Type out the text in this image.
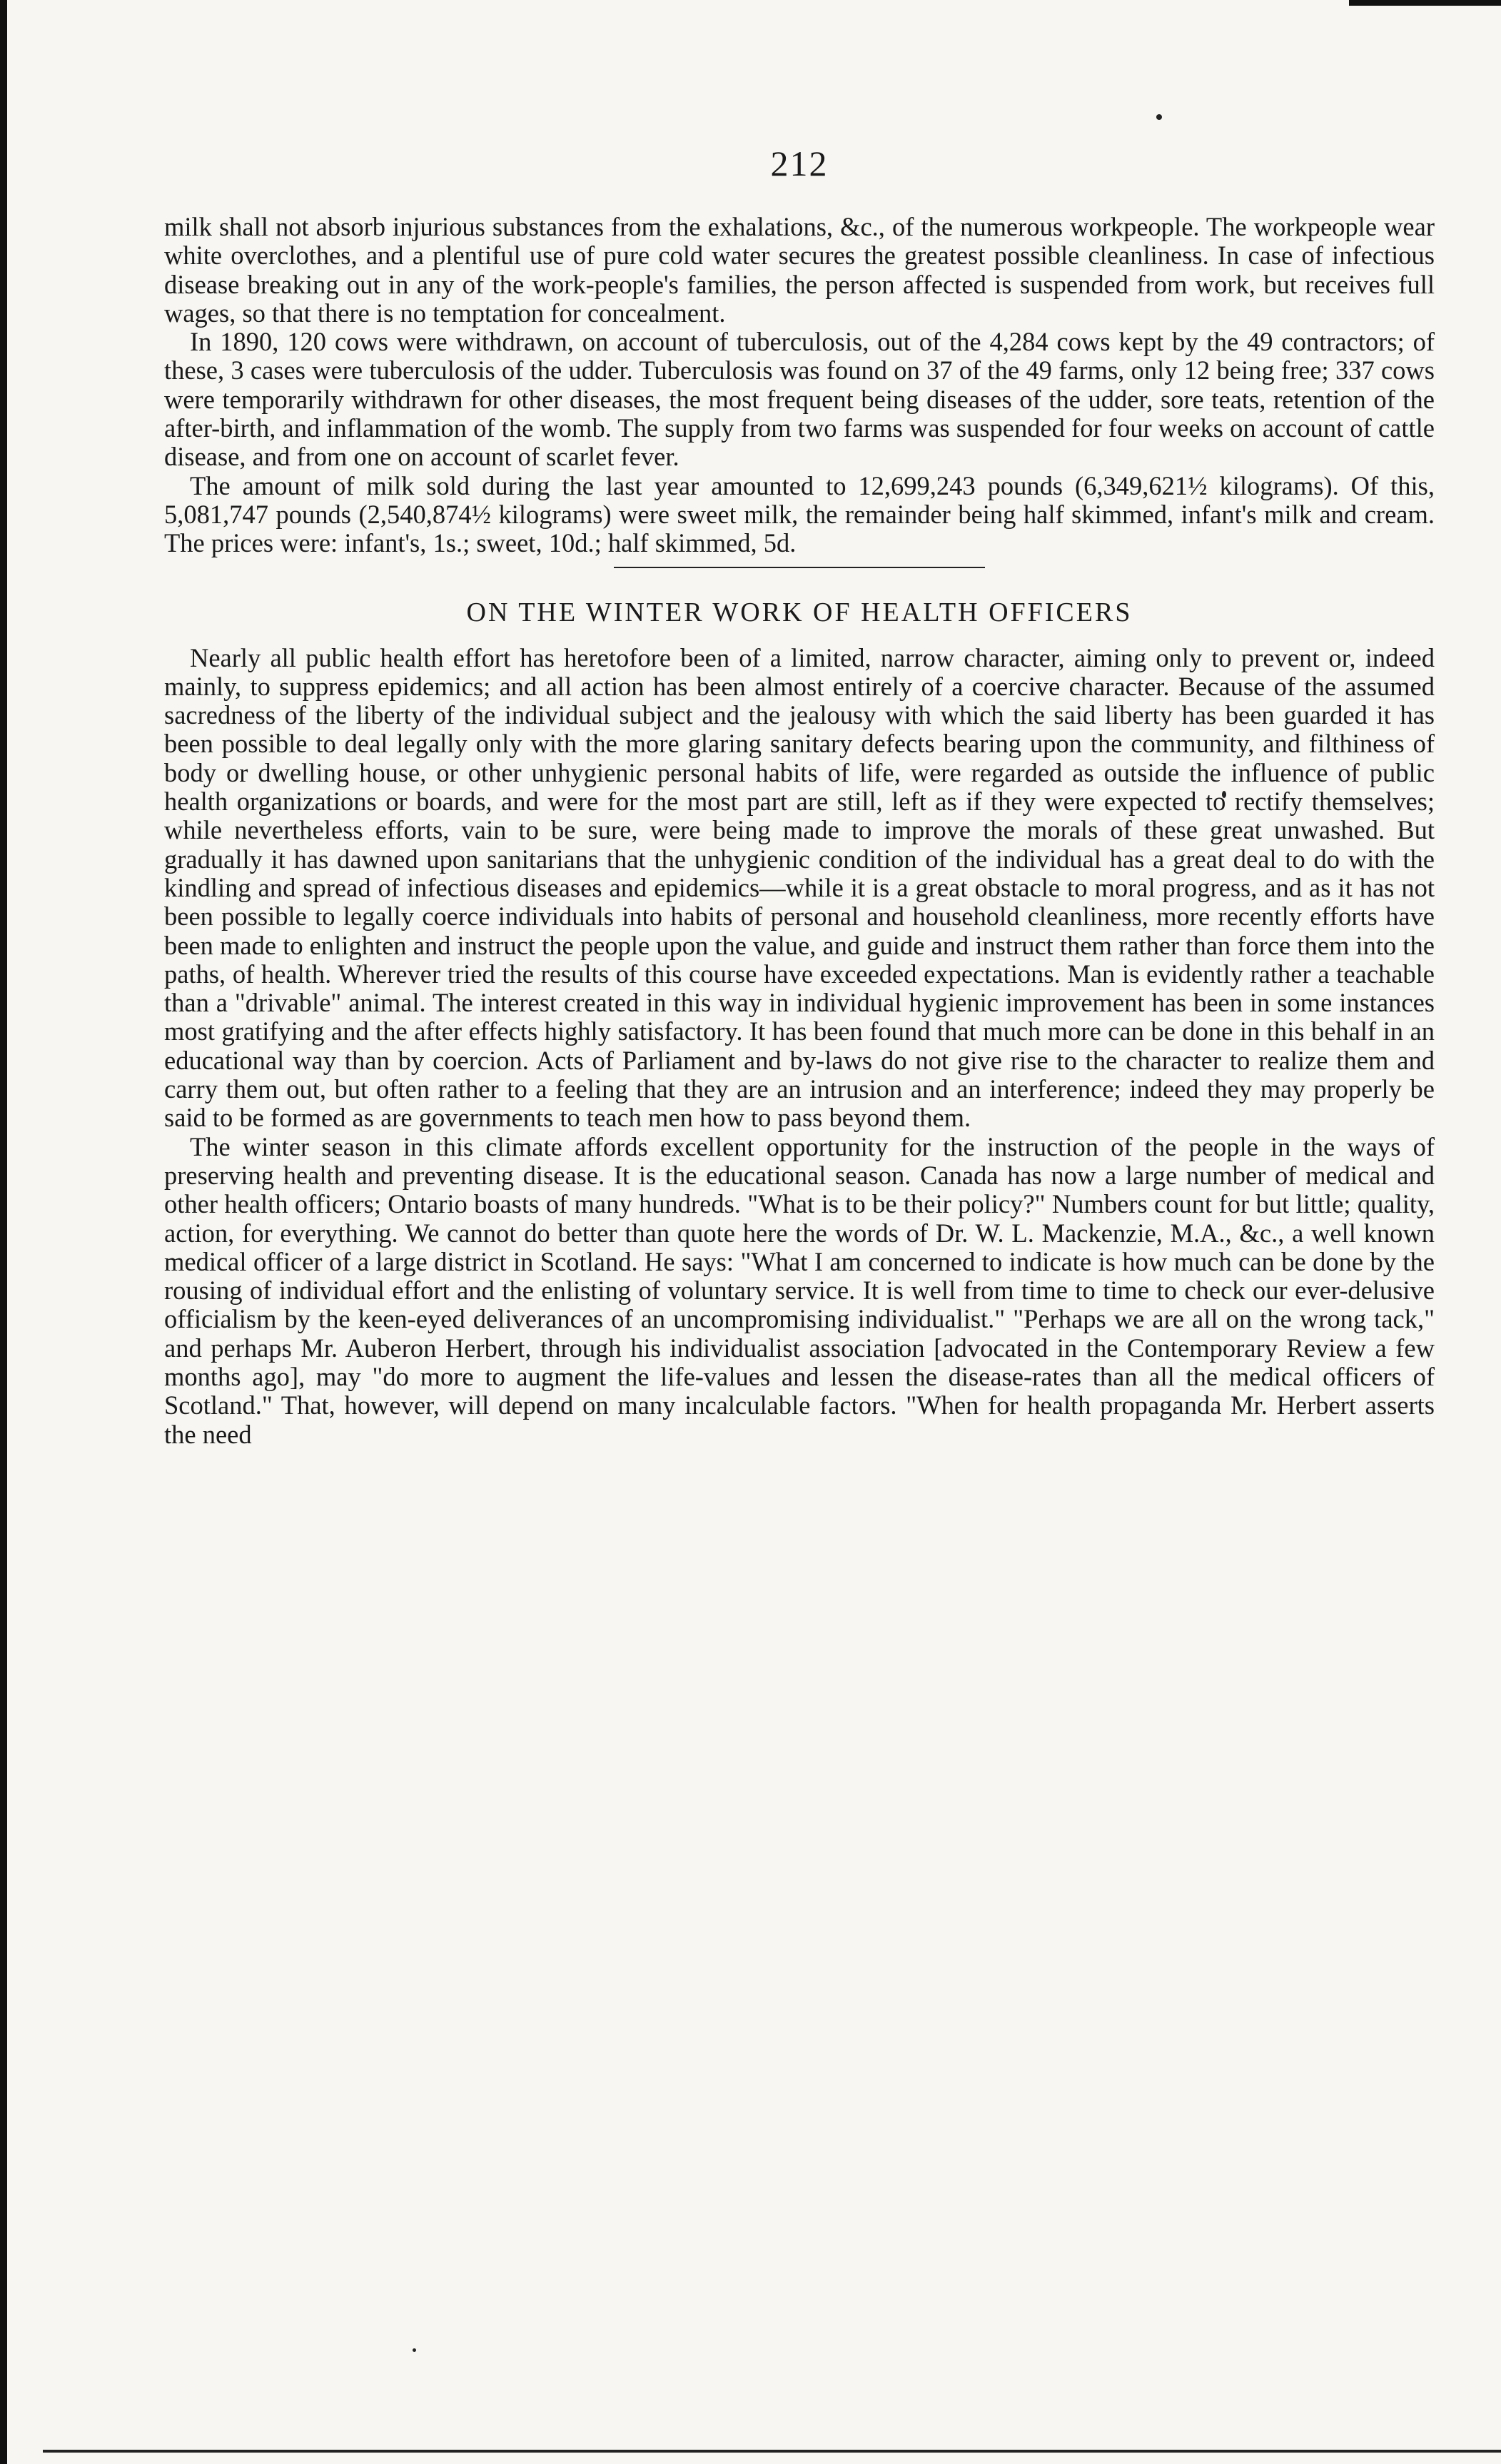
212

milk shall not absorb injurious substances from the exhalations, &c., of the numerous workpeople. The workpeople wear white overclothes, and a plentiful use of pure cold water secures the greatest possible cleanliness. In case of infectious disease breaking out in any of the work-people's families, the person affected is suspended from work, but receives full wages, so that there is no temptation for concealment.

In 1890, 120 cows were withdrawn, on account of tuberculosis, out of the 4,284 cows kept by the 49 contractors; of these, 3 cases were tuberculosis of the udder. Tuberculosis was found on 37 of the 49 farms, only 12 being free; 337 cows were temporarily withdrawn for other diseases, the most frequent being diseases of the udder, sore teats, retention of the after-birth, and inflammation of the womb. The supply from two farms was suspended for four weeks on account of cattle disease, and from one on account of scarlet fever.

The amount of milk sold during the last year amounted to 12,699,243 pounds (6,349,621½ kilograms). Of this, 5,081,747 pounds (2,540,874½ kilograms) were sweet milk, the remainder being half skimmed, infant's milk and cream. The prices were: infant's, 1s.; sweet, 10d.; half skimmed, 5d.

ON THE WINTER WORK OF HEALTH OFFICERS

Nearly all public health effort has heretofore been of a limited, narrow character, aiming only to prevent or, indeed mainly, to suppress epidemics; and all action has been almost entirely of a coercive character. Because of the assumed sacredness of the liberty of the individual subject and the jealousy with which the said liberty has been guarded it has been possible to deal legally only with the more glaring sanitary defects bearing upon the community, and filthiness of body or dwelling house, or other unhygienic personal habits of life, were regarded as outside the influence of public health organizations or boards, and were for the most part are still, left as if they were expected to rectify themselves; while nevertheless efforts, vain to be sure, were being made to improve the morals of these great unwashed. But gradually it has dawned upon sanitarians that the unhygienic condition of the individual has a great deal to do with the kindling and spread of infectious diseases and epidemics—while it is a great obstacle to moral progress, and as it has not been possible to legally coerce individuals into habits of personal and household cleanliness, more recently efforts have been made to enlighten and instruct the people upon the value, and guide and instruct them rather than force them into the paths, of health. Wherever tried the results of this course have exceeded expectations. Man is evidently rather a teachable than a "drivable" animal. The interest created in this way in individual hygienic improvement has been in some instances most gratifying and the after effects highly satisfactory. It has been found that much more can be done in this behalf in an educational way than by coercion. Acts of Parliament and by-laws do not give rise to the character to realize them and carry them out, but often rather to a feeling that they are an intrusion and an interference; indeed they may properly be said to be formed as are governments to teach men how to pass beyond them.

The winter season in this climate affords excellent opportunity for the instruction of the people in the ways of preserving health and preventing disease. It is the educational season. Canada has now a large number of medical and other health officers; Ontario boasts of many hundreds. "What is to be their policy?" Numbers count for but little; quality, action, for everything. We cannot do better than quote here the words of Dr. W. L. Mackenzie, M.A., &c., a well known medical officer of a large district in Scotland. He says: "What I am concerned to indicate is how much can be done by the rousing of individual effort and the enlisting of voluntary service. It is well from time to time to check our ever-delusive officialism by the keen-eyed deliverances of an uncompromising individualist." "Perhaps we are all on the wrong tack," and perhaps Mr. Auberon Herbert, through his individualist association [advocated in the Contemporary Review a few months ago], may "do more to augment the life-values and lessen the disease-rates than all the medical officers of Scotland." That, however, will depend on many incalculable factors. "When for health propaganda Mr. Herbert asserts the need
